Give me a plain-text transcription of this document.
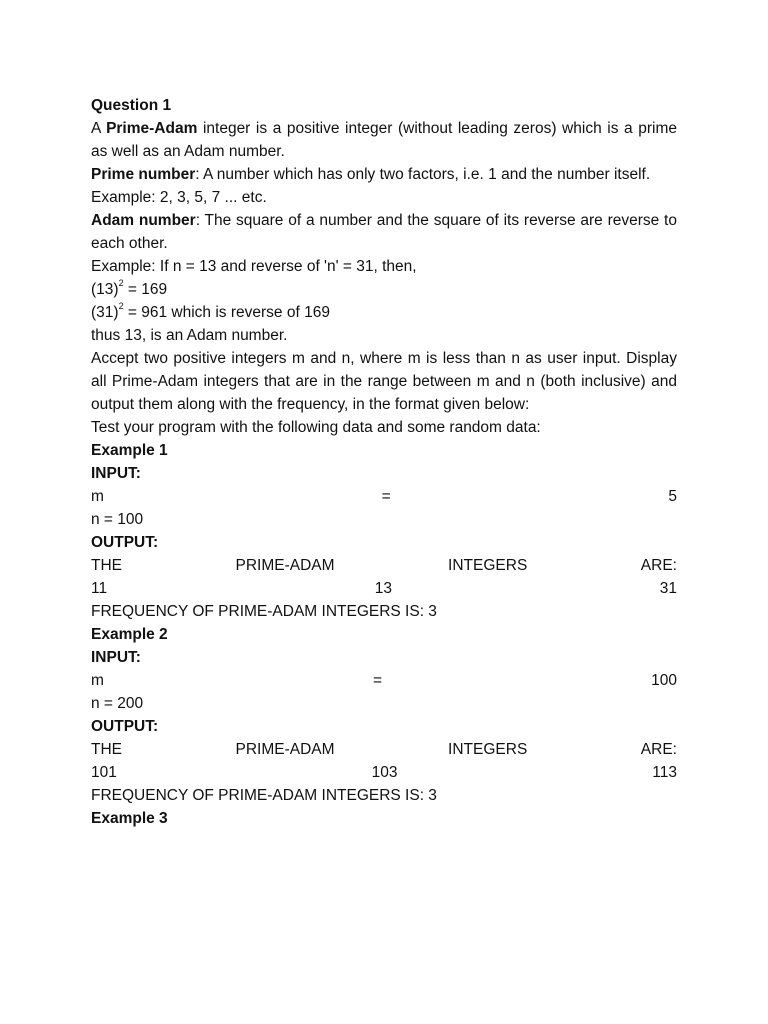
Question 1
A Prime-Adam integer is a positive integer (without leading zeros) which is a prime as well as an Adam number.
Prime number: A number which has only two factors, i.e. 1 and the number itself.
Example: 2, 3, 5, 7 ... etc.
Adam number: The square of a number and the square of its reverse are reverse to each other.
Example: If n = 13 and reverse of 'n' = 31, then,
$(13)^2 = 169$
$(31)^2 = 961$ which is reverse of 169
thus 13, is an Adam number.
Accept two positive integers m and n, where m is less than n as user input. Display all Prime-Adam integers that are in the range between m and n (both inclusive) and output them along with the frequency, in the format given below:
Test your program with the following data and some random data:
Example 1
INPUT:
m	=	5
n = 100
OUTPUT:
THE	PRIME-ADAM	INTEGERS	ARE:
11	13	31
FREQUENCY OF PRIME-ADAM INTEGERS IS: 3
Example 2
INPUT:
m	=	100
n = 200
OUTPUT:
THE	PRIME-ADAM	INTEGERS	ARE:
101	103	113
FREQUENCY OF PRIME-ADAM INTEGERS IS: 3
Example 3
